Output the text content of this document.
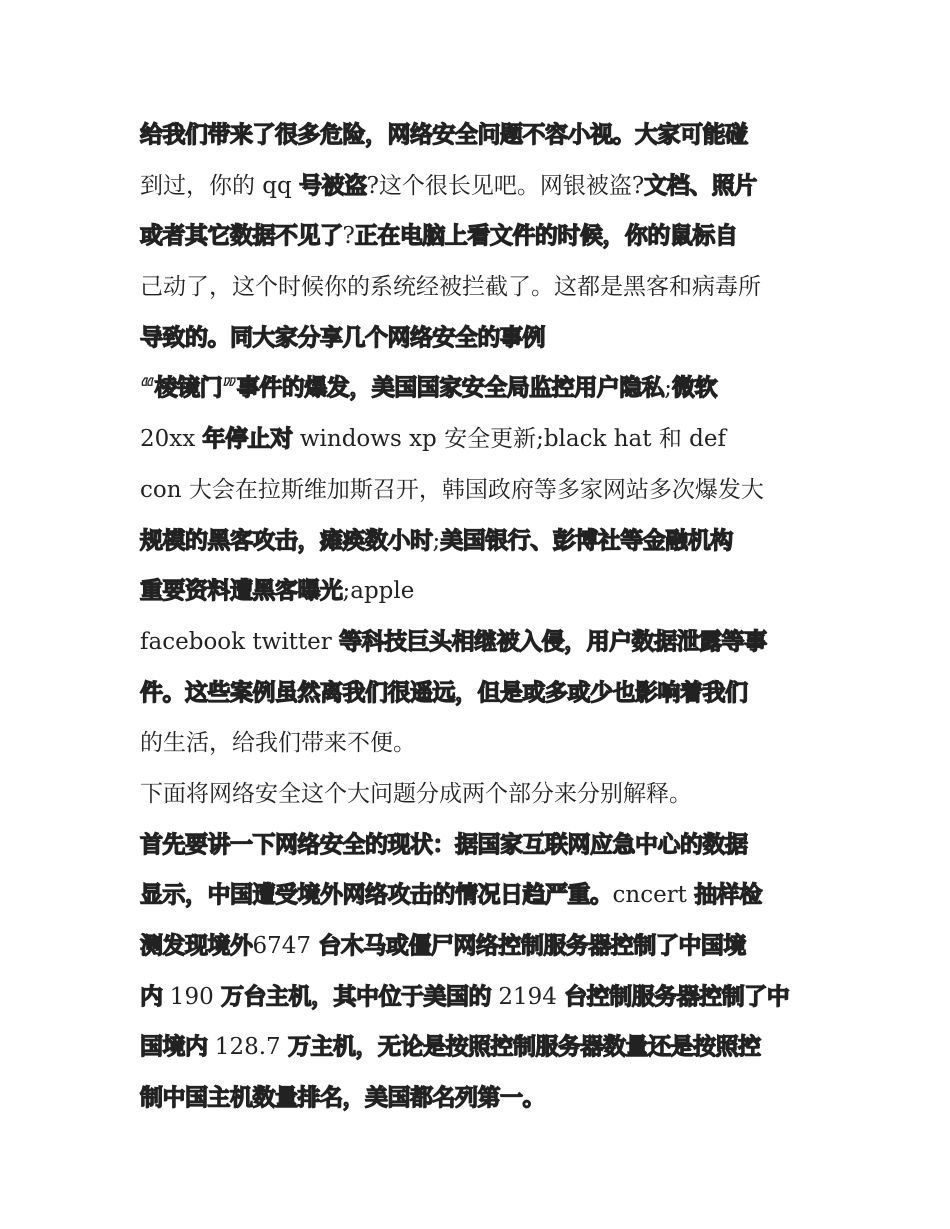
给我们带来了很多危险，网络安全问题不容小视。大家可能碰
到过，你的 qq 号被盗?这个很长见吧。网银被盗?文档、照片
或者其它数据不见了?正在电脑上看文件的时候，你的鼠标自
己动了，这个时候你的系统经被拦截了。这都是黑客和病毒所
导致的。同大家分享几个网络安全的事例
“棱镜门”事件的爆发，美国国家安全局监控用户隐私;微软
20xx 年停止对 windows xp 安全更新;black hat 和 def
con 大会在拉斯维加斯召开，韩国政府等多家网站多次爆发大
规模的黑客攻击，瘫痪数小时;美国银行、彭博社等金融机构
重要资料遭黑客曝光;apple
facebook twitter 等科技巨头相继被入侵，用户数据泄露等事
件。这些案例虽然离我们很遥远，但是或多或少也影响着我们
的生活，给我们带来不便。
下面将网络安全这个大问题分成两个部分来分别解释。
首先要讲一下网络安全的现状：据国家互联网应急中心的数据
显示，中国遭受境外网络攻击的情况日趋严重。cncert 抽样检
测发现境外6747 台木马或僵尸网络控制服务器控制了中国境
内 190 万台主机，其中位于美国的 2194 台控制服务器控制了中
国境内 128.7 万主机，无论是按照控制服务器数量还是按照控
制中国主机数量排名，美国都名列第一。
